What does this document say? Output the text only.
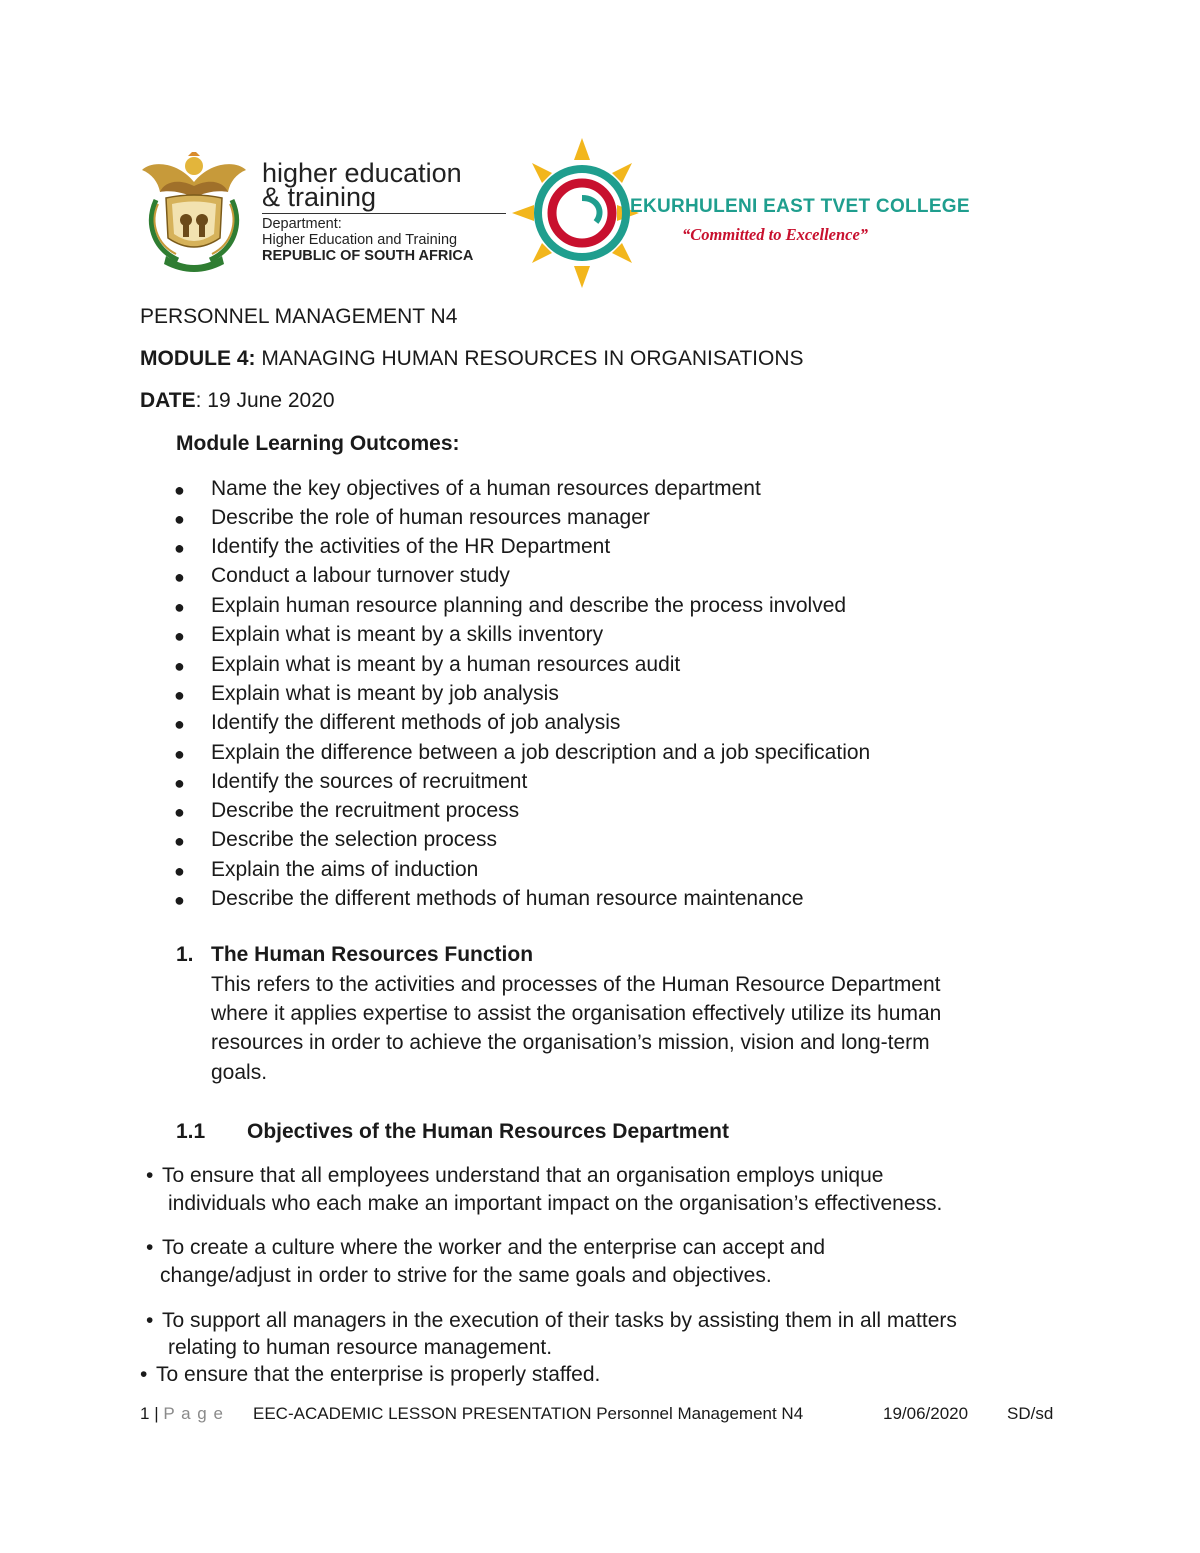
higher education
& training
Department:
Higher Education and Training
REPUBLIC OF SOUTH AFRICA
EKURHULENI EAST TVET COLLEGE
“Committed to Excellence”
PERSONNEL MANAGEMENT N4
MODULE 4: MANAGING HUMAN RESOURCES IN ORGANISATIONS
DATE: 19 June 2020
Module Learning Outcomes:
● Name the key objectives of a human resources department
● Describe the role of human resources manager
● Identify the activities of the HR Department
● Conduct a labour turnover study
● Explain human resource planning and describe the process involved
● Explain what is meant by a skills inventory
● Explain what is meant by a human resources audit
● Explain what is meant by job analysis
● Identify the different methods of job analysis
● Explain the difference between a job description and a job specification
● Identify the sources of recruitment
● Describe the recruitment process
● Describe the selection process
● Explain the aims of induction
● Describe the different methods of human resource maintenance
1. The Human Resources Function
This refers to the activities and processes of the Human Resource Department
where it applies expertise to assist the organisation effectively utilize its human
resources in order to achieve the organisation’s mission, vision and long-term
goals.
1.1 Objectives of the Human Resources Department
• To ensure that all employees understand that an organisation employs unique
individuals who each make an important impact on the organisation’s effectiveness.
• To create a culture where the worker and the enterprise can accept and
change/adjust in order to strive for the same goals and objectives.
• To support all managers in the execution of their tasks by assisting them in all matters
relating to human resource management.
• To ensure that the enterprise is properly staffed.
1 | P a g e EEC-ACADEMIC LESSON PRESENTATION Personnel Management N4	19/06/2020 SD/sd
